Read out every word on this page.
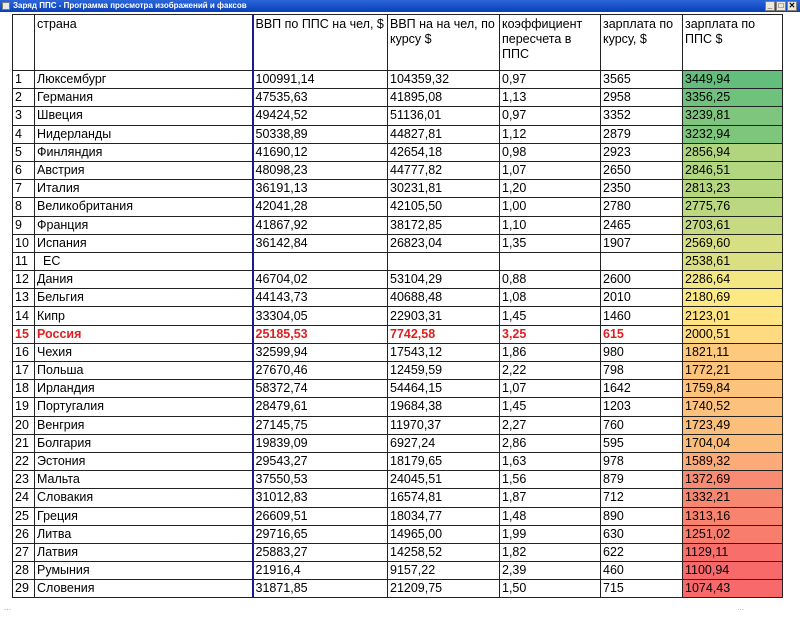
Заряд ППС - Программа просмотра изображений и факсов	_ □ ✕
	страна	ВВП по ППС на чел, $	ВВП на на чел, по курсу $	коэффициент пересчета в ППС	зарплата по курсу, $	зарплата по ППС $
1	Люксембург	100991,14	104359,32	0,97	3565	3449,94
2	Германия	47535,63	41895,08	1,13	2958	3356,25
3	Швеция	49424,52	51136,01	0,97	3352	3239,81
4	Нидерланды	50338,89	44827,81	1,12	2879	3232,94
5	Финляндия	41690,12	42654,18	0,98	2923	2856,94
6	Австрия	48098,23	44777,82	1,07	2650	2846,51
7	Италия	36191,13	30231,81	1,20	2350	2813,23
8	Великобритания	42041,28	42105,50	1,00	2780	2775,76
9	Франция	41867,92	38172,85	1,10	2465	2703,61
10	Испания	36142,84	26823,04	1,35	1907	2569,60
11	ЕС					2538,61
12	Дания	46704,02	53104,29	0,88	2600	2286,64
13	Бельгия	44143,73	40688,48	1,08	2010	2180,69
14	Кипр	33304,05	22903,31	1,45	1460	2123,01
15	Россия	25185,53	7742,58	3,25	615	2000,51
16	Чехия	32599,94	17543,12	1,86	980	1821,11
17	Польша	27670,46	12459,59	2,22	798	1772,21
18	Ирландия	58372,74	54464,15	1,07	1642	1759,84
19	Португалия	28479,61	19684,38	1,45	1203	1740,52
20	Венгрия	27145,75	11970,37	2,27	760	1723,49
21	Болгария	19839,09	6927,24	2,86	595	1704,04
22	Эстония	29543,27	18179,65	1,63	978	1589,32
23	Мальта	37550,53	24045,51	1,56	879	1372,69
24	Словакия	31012,83	16574,81	1,87	712	1332,21
25	Греция	26609,51	18034,77	1,48	890	1313,16
26	Литва	29716,65	14965,00	1,99	630	1251,02
27	Латвия	25883,27	14258,52	1,82	622	1129,11
28	Румыния	21916,4	9157,22	2,39	460	1100,94
29	Словения	31871,85	21209,75	1,50	715	1074,43
⋯	⋯
